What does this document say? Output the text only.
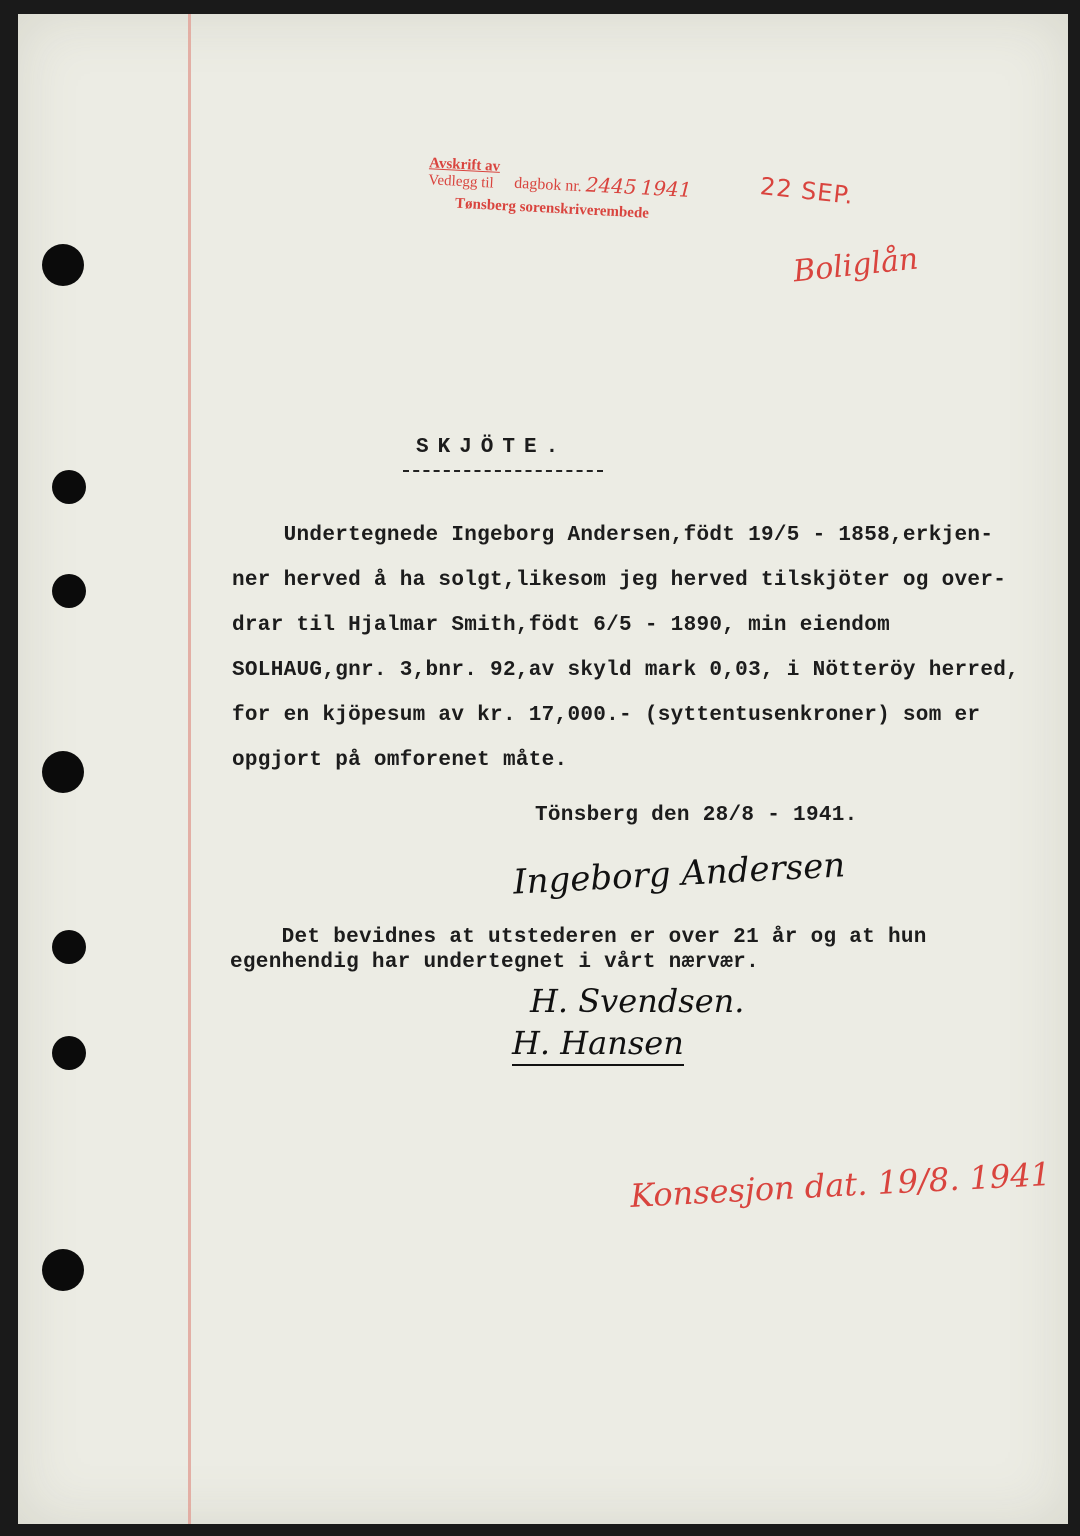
Avskrift av
Vedlegg til	dagbok nr. 2445 1941
Tønsberg sorenskriverembede	22 SEP.
Boliglån
SKJÖTE.
Undertegnede Ingeborg Andersen,födt 19/5 - 1858,erkjen-
ner herved å ha solgt,likesom jeg herved tilskjöter og over-
drar til Hjalmar Smith,födt 6/5 - 1890, min eiendom
SOLHAUG,gnr. 3,bnr. 92,av skyld mark 0,03, i Nötteröy herred,
for en kjöpesum av kr. 17,000.- (syttentusenkroner) som er
opgjort på omforenet måte.
Tönsberg den 28/8 - 1941.
Ingeborg Andersen
Det bevidnes at utstederen er over 21 år og at hun
egenhendig har undertegnet i vårt nærvær.
H. Svendsen.
H. Hansen
Konsesjon dat. 19/8. 1941
